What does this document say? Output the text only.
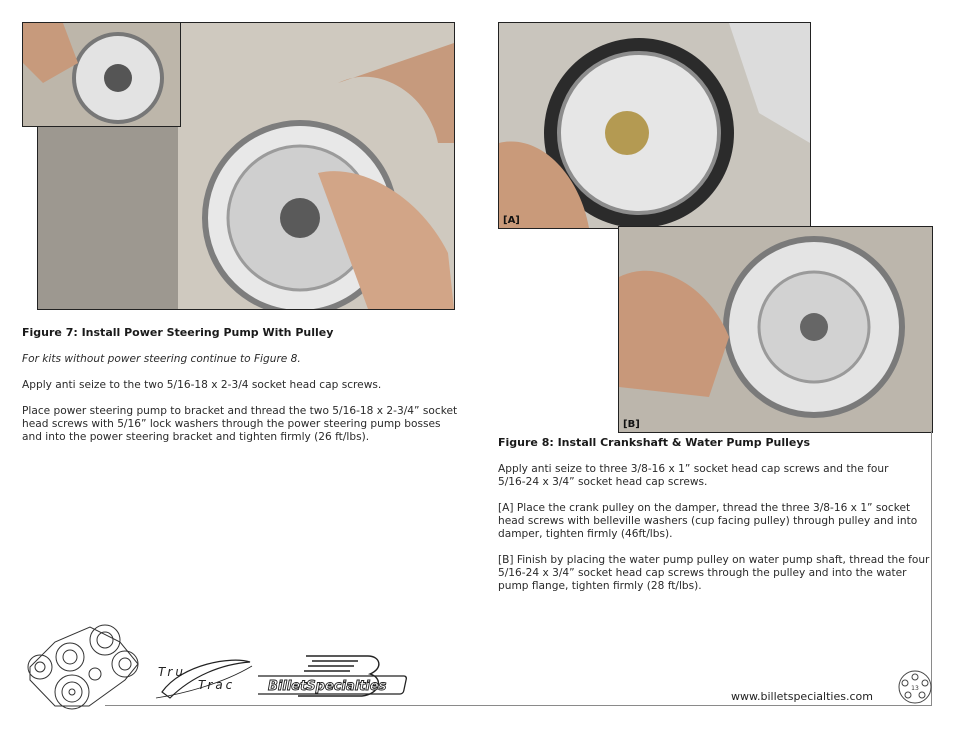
[A]
[B]
Figure 7: Install Power Steering Pump With Pulley

For kits without power steering continue to Figure 8.

Apply anti seize to the two 5/16-18 x 2-3/4 socket head cap screws.

Place power steering pump to bracket and thread the two 5/16-18 x 2-3/4” socket head screws with 5/16” lock washers through the power steering pump bosses and into the power steering bracket and tighten firmly (26 ft/lbs).	Figure 8: Install Crankshaft & Water Pump Pulleys

Apply anti seize to three 3/8-16 x 1” socket head cap screws and the four 5/16-24 x 3/4” socket head cap screws.

[A] Place the crank pulley on the damper, thread the three 3/8-16 x 1” socket head screws with belleville washers (cup facing pulley) through pulley and into damper, tighten firmly (46ft/lbs).

[B] Finish by placing the water pump pulley on water pump shaft, thread the four 5/16-24 x 3/4” socket head cap screws through the pulley and into the water pump flange, tighten firmly (28 ft/lbs).

Tru
Trac	BilletSpecialties
www.billetspecialties.com
13
